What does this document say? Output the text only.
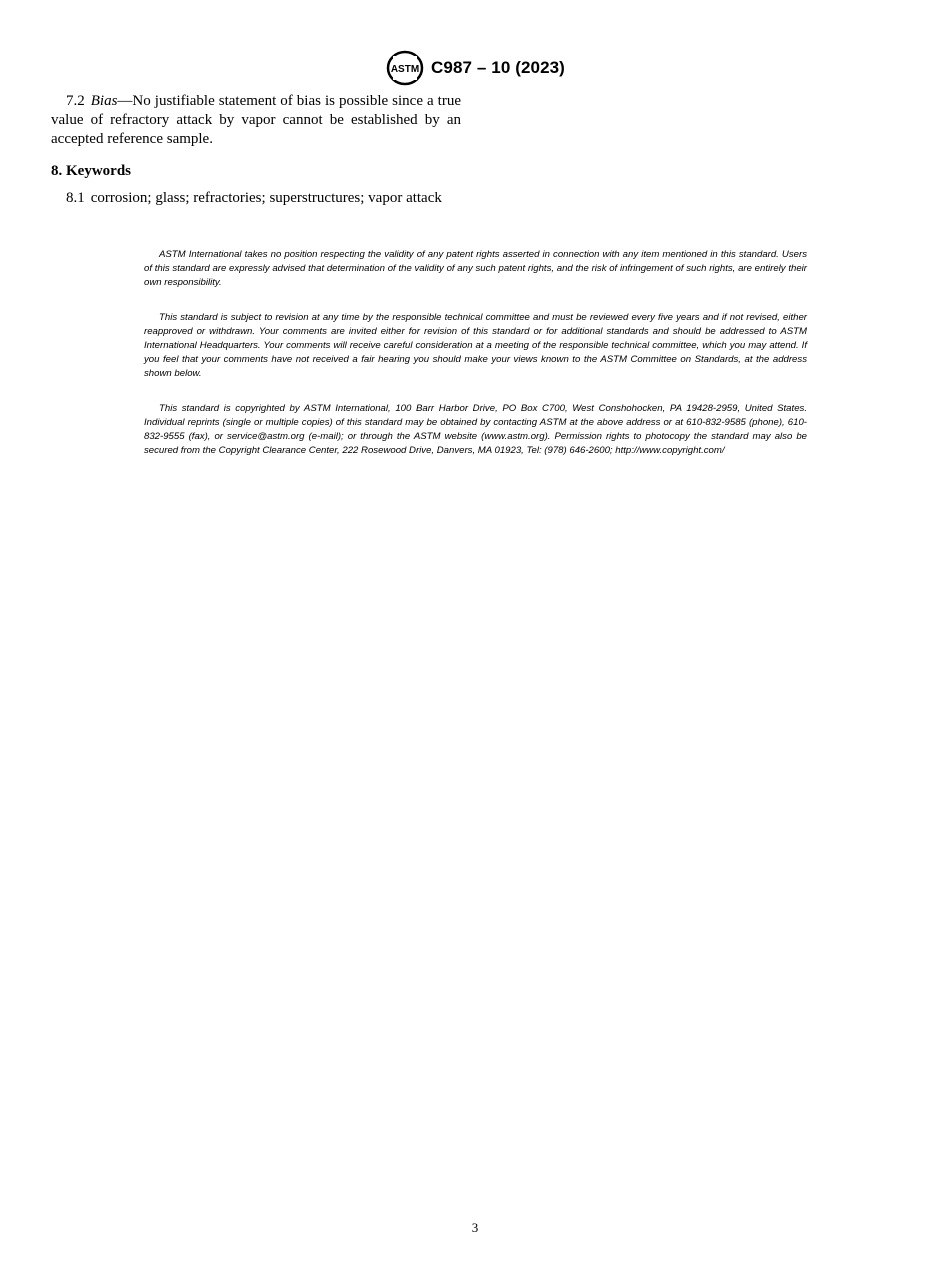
ASTM C987 – 10 (2023)

7.2 Bias—No justifiable statement of bias is possible since a true value of refractory attack by vapor cannot be established by an accepted reference sample.

8. Keywords

8.1 corrosion; glass; refractories; superstructures; vapor attack

ASTM International takes no position respecting the validity of any patent rights asserted in connection with any item mentioned in this standard. Users of this standard are expressly advised that determination of the validity of any such patent rights, and the risk of infringement of such rights, are entirely their own responsibility.

This standard is subject to revision at any time by the responsible technical committee and must be reviewed every five years and if not revised, either reapproved or withdrawn. Your comments are invited either for revision of this standard or for additional standards and should be addressed to ASTM International Headquarters. Your comments will receive careful consideration at a meeting of the responsible technical committee, which you may attend. If you feel that your comments have not received a fair hearing you should make your views known to the ASTM Committee on Standards, at the address shown below.

This standard is copyrighted by ASTM International, 100 Barr Harbor Drive, PO Box C700, West Conshohocken, PA 19428-2959, United States. Individual reprints (single or multiple copies) of this standard may be obtained by contacting ASTM at the above address or at 610-832-9585 (phone), 610-832-9555 (fax), or service@astm.org (e-mail); or through the ASTM website (www.astm.org). Permission rights to photocopy the standard may also be secured from the Copyright Clearance Center, 222 Rosewood Drive, Danvers, MA 01923, Tel: (978) 646-2600; http://www.copyright.com/

3
